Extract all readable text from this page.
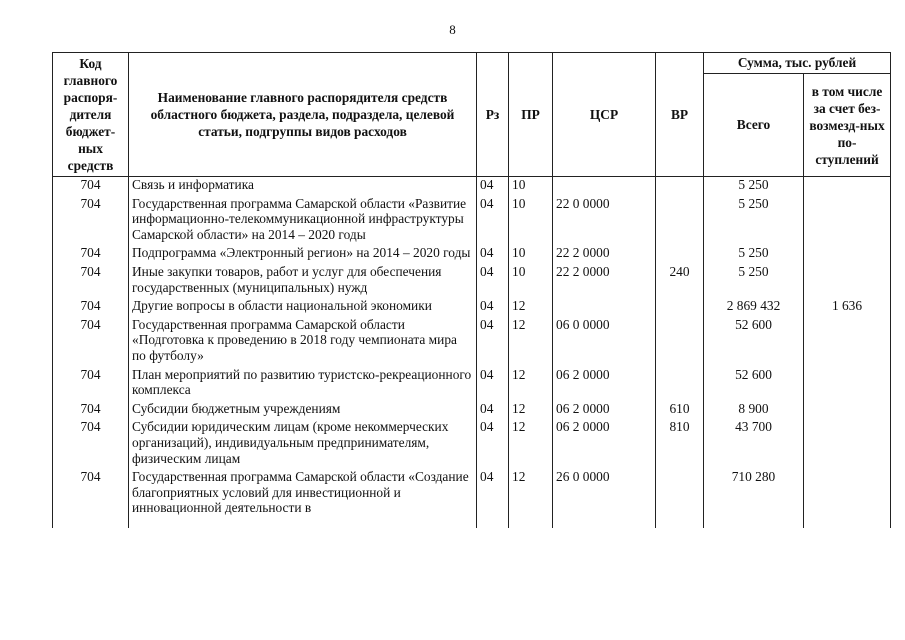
8
Код главного распоря-дителя бюджет-ных средств	Наименование главного распорядителя средств областного бюджета, раздела, подраздела, целевой статьи, подгруппы видов расходов	Рз	ПР	ЦСР	ВР	Сумма, тыс. рублей	
						Всего	в том числе за счет без-возмезд-ных по-ступлений
704	Связь и информатика	04	10			5 250	
704	Государственная программа Самарской области «Развитие информационно-телекоммуникационной инфраструктуры Самарской области» на 2014 – 2020 годы	04	10	22 0 0000		5 250	
704	Подпрограмма «Электронный регион» на 2014 – 2020 годы	04	10	22 2 0000		5 250	
704	Иные закупки товаров, работ и услуг для обеспечения государственных (муниципальных) нужд	04	10	22 2 0000	240	5 250	
704	Другие вопросы в области национальной экономики	04	12			2 869 432	1 636
704	Государственная программа Самарской области «Подготовка к проведению в 2018 году чемпионата мира по футболу»	04	12	06 0 0000		52 600	
704	План мероприятий по развитию туристско-рекреационного комплекса	04	12	06 2 0000		52 600	
704	Субсидии бюджетным учреждениям	04	12	06 2 0000	610	8 900	
704	Субсидии юридическим лицам (кроме некоммерческих организаций), индивидуальным предпринимателям, физическим лицам	04	12	06 2 0000	810	43 700	
704	Государственная программа Самарской области «Создание благоприятных условий для инвестиционной и инновационной деятельности в	04	12	26 0 0000		710 280	
